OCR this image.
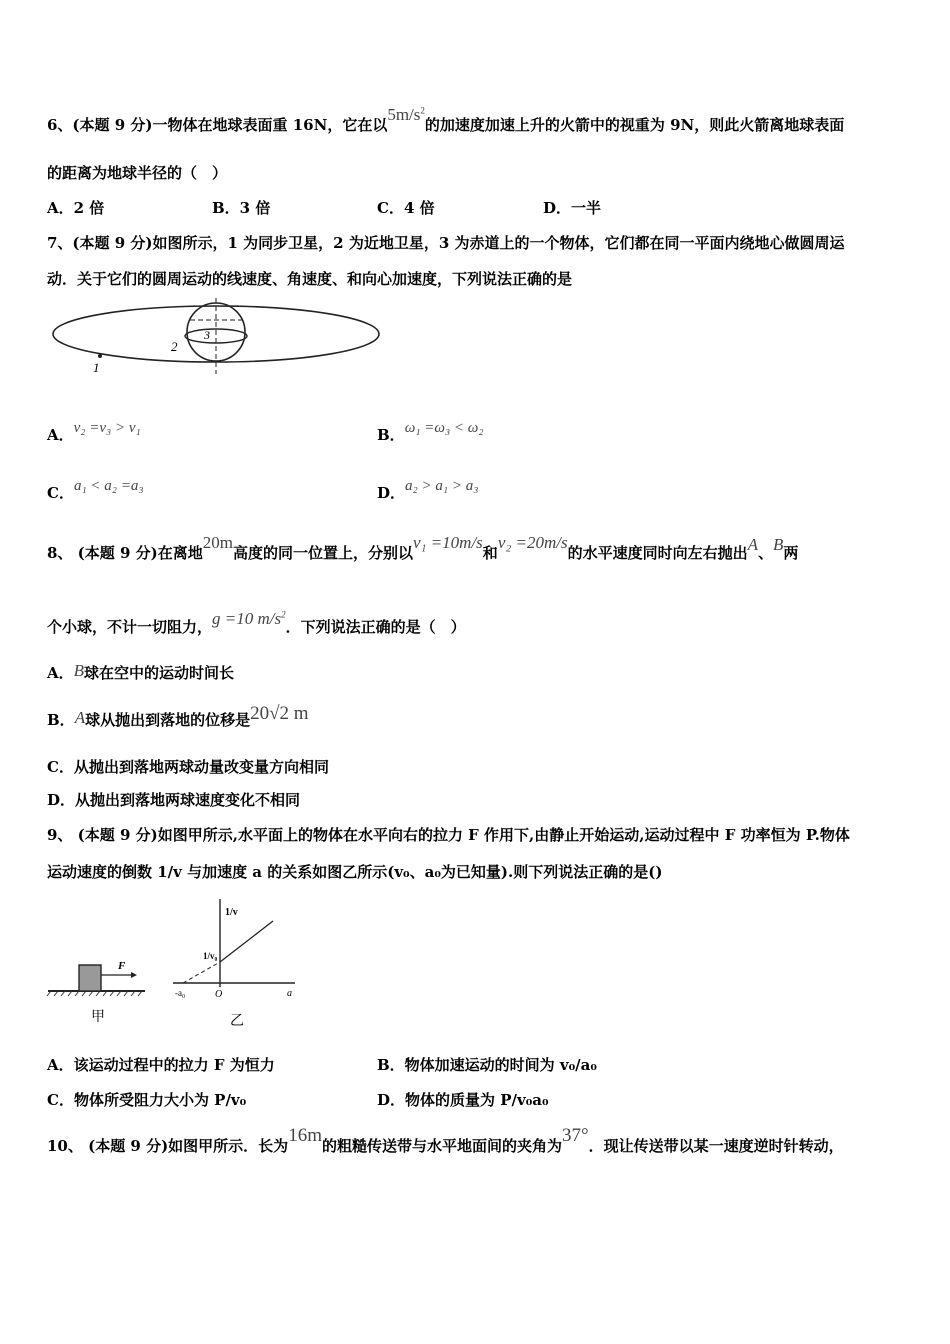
6、(本题 9 分)一物体在地球表面重 16N，它在以$5m/s^2$的加速度加速上升的火箭中的视重为 9N，则此火箭离地球表面
的距离为地球半径的（　）
A．2 倍	B．3 倍	C．4 倍	D．一半
7、(本题 9 分)如图所示，1 为同步卫星，2 为近地卫星，3 为赤道上的一个物体，它们都在同一平面内绕地心做圆周运
动．关于它们的圆周运动的线速度、角速度、和向心加速度，下列说法正确的是
1
2
3
A．v₂ =v₃ > v₁	B．ω₁ =ω₃ < ω₂
C．a₁ < a₂ =a₃	D．a₂ > a₁ > a₃
8、 (本题 9 分)在离地20m高度的同一位置上，分别以v₁ =10m/s和v₂ =20m/s的水平速度同时向左右抛出A、B两
个小球，不计一切阻力，g =10 $m/s^2$．下列说法正确的是（　）
A．B球在空中的运动时间长
B．A球从抛出到落地的位移是20√2 m
C．从抛出到落地两球动量改变量方向相同
D．从抛出到落地两球速度变化不相同
9、 (本题 9 分)如图甲所示,水平面上的物体在水平向右的拉力 F 作用下,由静止开始运动,运动过程中 F 功率恒为 P.物体
运动速度的倒数 1/v 与加速度 a 的关系如图乙所示(v₀、a₀为已知量).则下列说法正确的是()
F
甲
1/v
1/v₀
O
-a₀	a
乙
A．该运动过程中的拉力 F 为恒力	B．物体加速运动的时间为 v₀/a₀
C．物体所受阻力大小为 P/v₀	D．物体的质量为 P/v₀a₀
10、 (本题 9 分)如图甲所示．长为16m的粗糙传送带与水平地面间的夹角为37°．现让传送带以某一速度逆时针转动，
